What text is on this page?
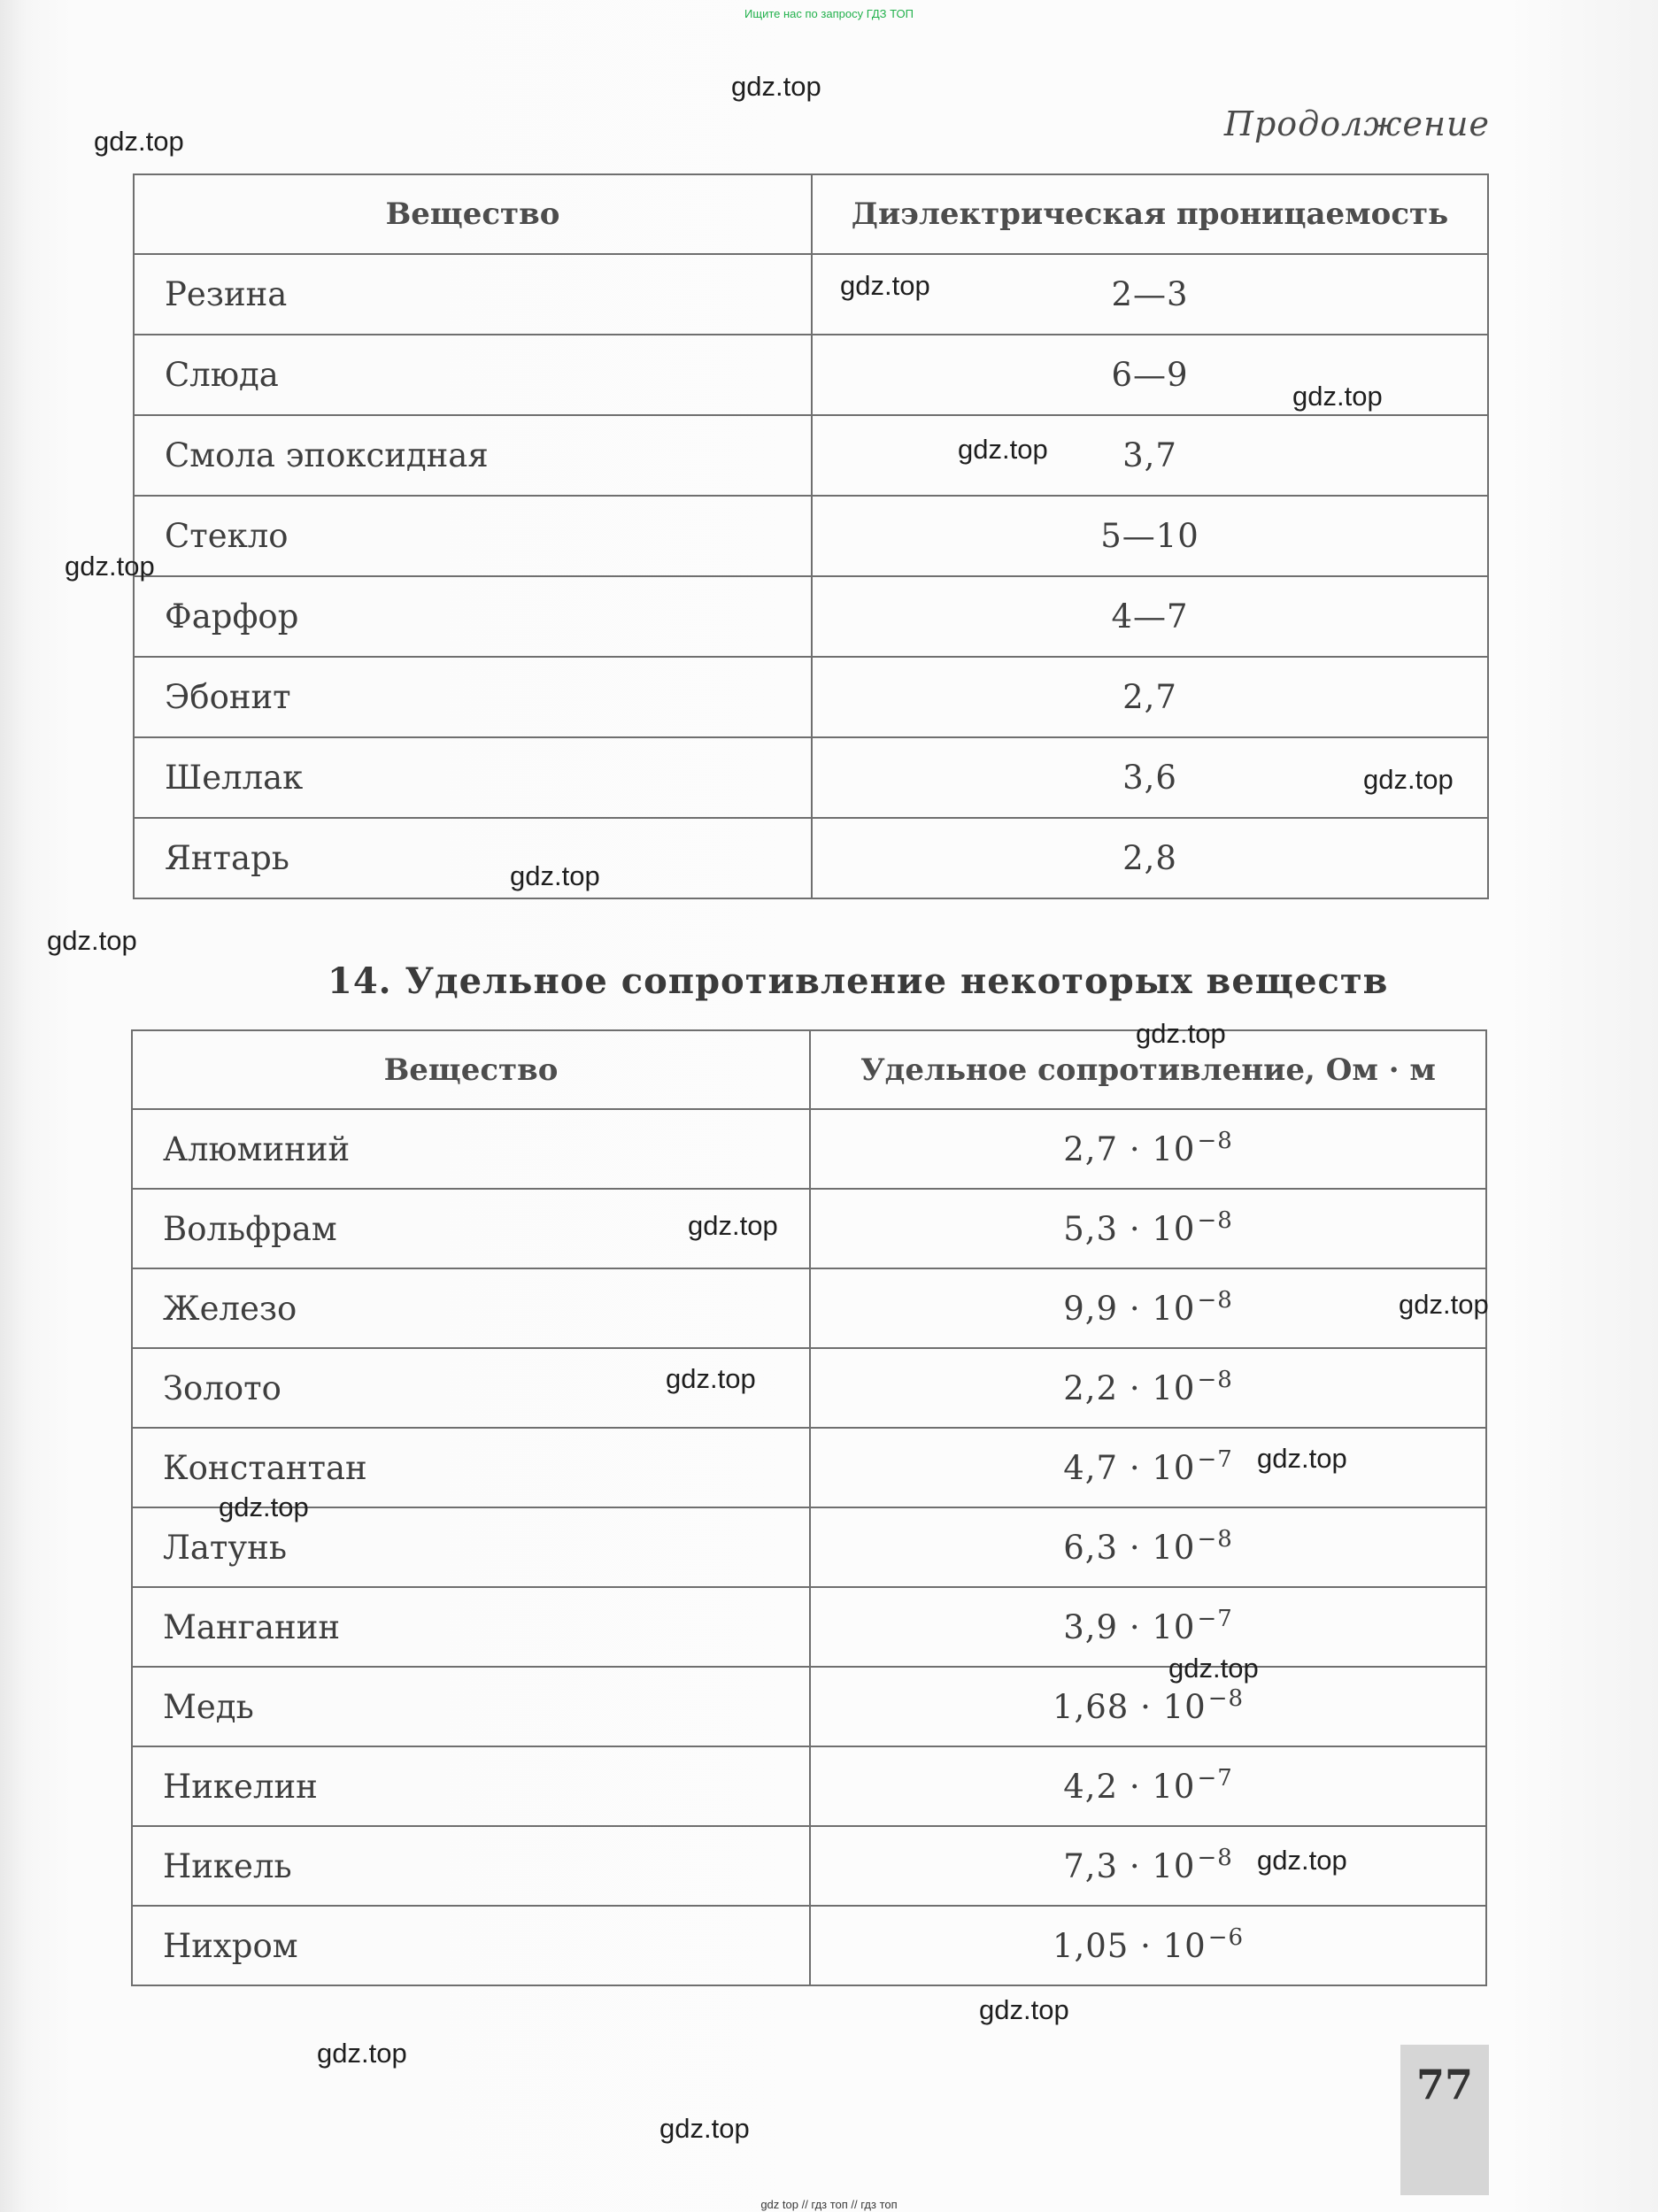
Ищите нас по запросу ГДЗ ТОП
Продолжение
Вещество	Диэлектрическая проницаемость
Резина	2—3
Слюда	6—9
Смола эпоксидная	3,7
Стекло	5—10
Фарфор	4—7
Эбонит	2,7
Шеллак	3,6
Янтарь	2,8
14. Удельное сопротивление некоторых веществ
Вещество	Удельное сопротивление, Ом · м
Алюминий	$2,7 \cdot 10^{-8}$
Вольфрам	$5,3 \cdot 10^{-8}$
Железо	$9,9 \cdot 10^{-8}$
Золото	$2,2 \cdot 10^{-8}$
Константан	$4,7 \cdot 10^{-7}$
Латунь	$6,3 \cdot 10^{-8}$
Манганин	$3,9 \cdot 10^{-7}$
Медь	$1,68 \cdot 10^{-8}$
Никелин	$4,2 \cdot 10^{-7}$
Никель	$7,3 \cdot 10^{-8}$
Нихром	$1,05 \cdot 10^{-6}$
77
gdz.top
gdz.top
gdz.top
gdz.top
gdz.top
gdz.top
gdz.top
gdz.top
gdz.top
gdz.top
gdz.top
gdz.top
gdz.top
gdz.top
gdz.top
gdz.top
gdz.top
gdz.top
gdz.top
gdz.top
gdz top // гдз топ // гдз топ
